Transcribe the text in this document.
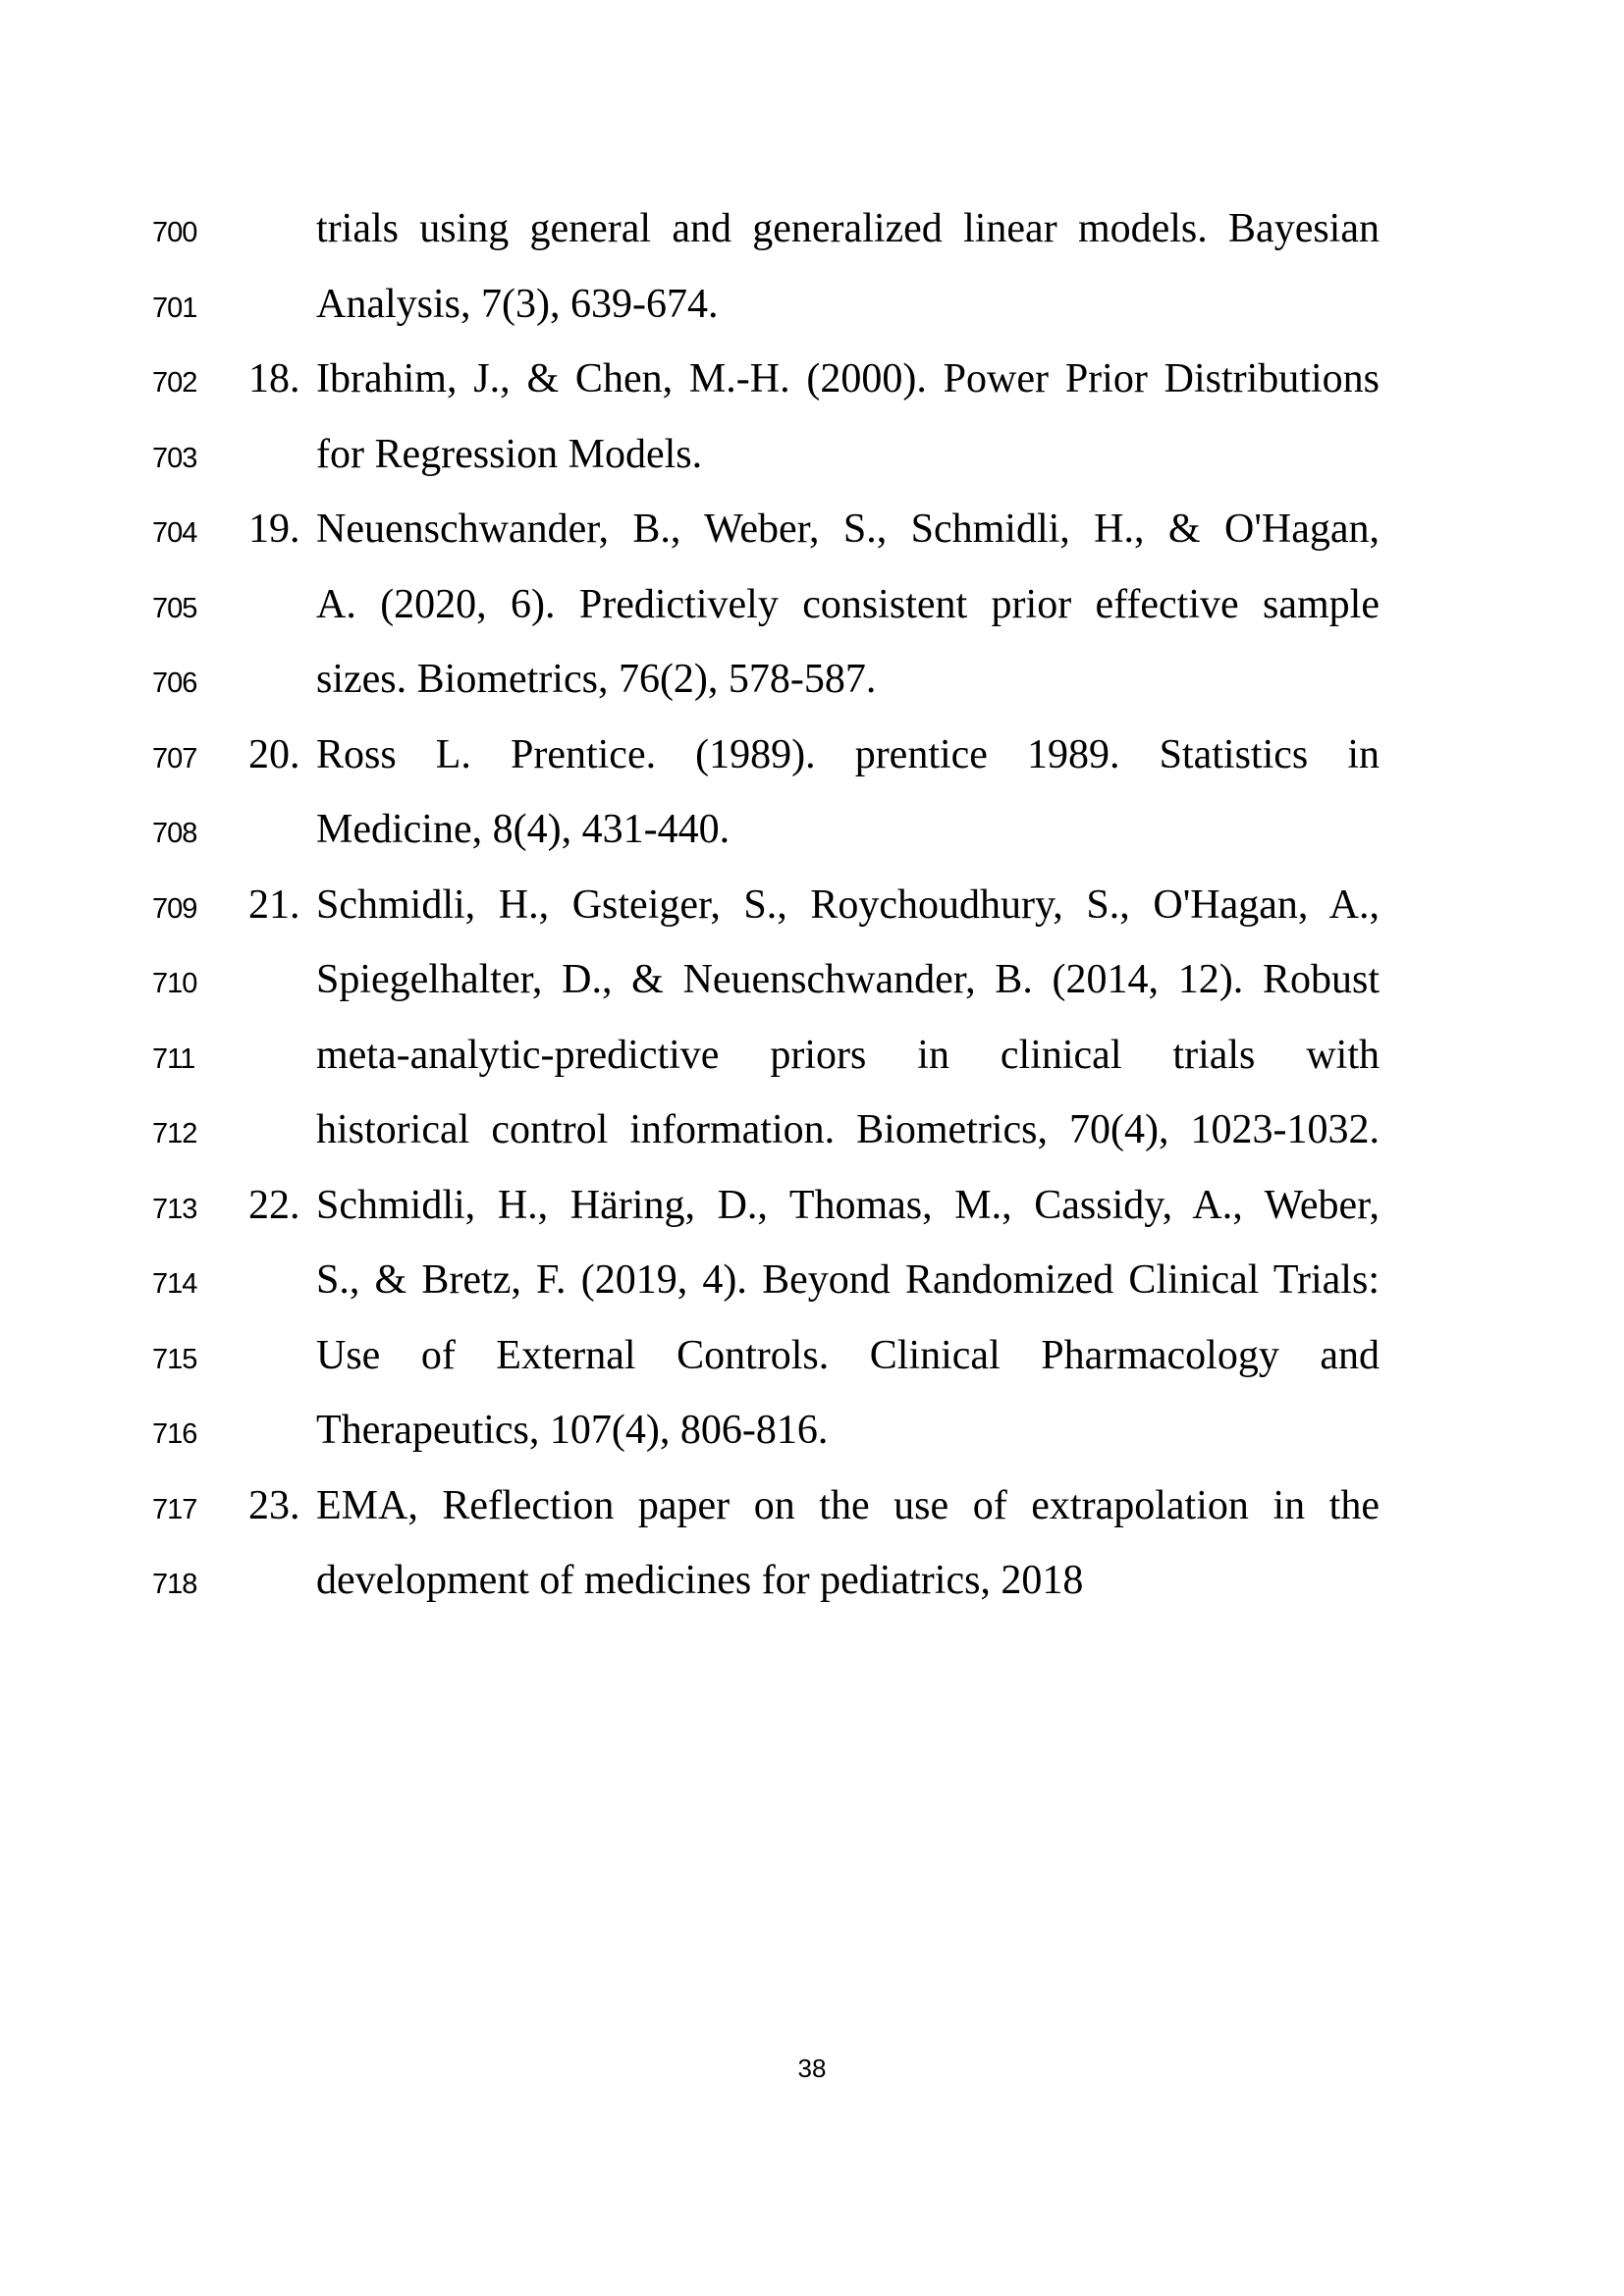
700	trials using general and generalized linear models. Bayesian
701	Analysis, 7(3), 639-674.
702	18. Ibrahim, J., & Chen, M.-H. (2000). Power Prior Distributions
703	for Regression Models.
704	19. Neuenschwander, B., Weber, S., Schmidli, H., & O'Hagan,
705	A. (2020, 6). Predictively consistent prior effective sample
706	sizes. Biometrics, 76(2), 578-587.
707	20. Ross L. Prentice. (1989). prentice 1989. Statistics in
708	Medicine, 8(4), 431-440.
709	21. Schmidli, H., Gsteiger, S., Roychoudhury, S., O'Hagan, A.,
710	Spiegelhalter, D., & Neuenschwander, B. (2014, 12). Robust
711	meta-analytic-predictive priors in clinical trials with
712	historical control information. Biometrics, 70(4), 1023-1032.
713	22. Schmidli, H., Häring, D., Thomas, M., Cassidy, A., Weber,
714	S., & Bretz, F. (2019, 4). Beyond Randomized Clinical Trials:
715	Use of External Controls. Clinical Pharmacology and
716	Therapeutics, 107(4), 806-816.
717	23. EMA, Reflection paper on the use of extrapolation in the
718	development of medicines for pediatrics, 2018
38
